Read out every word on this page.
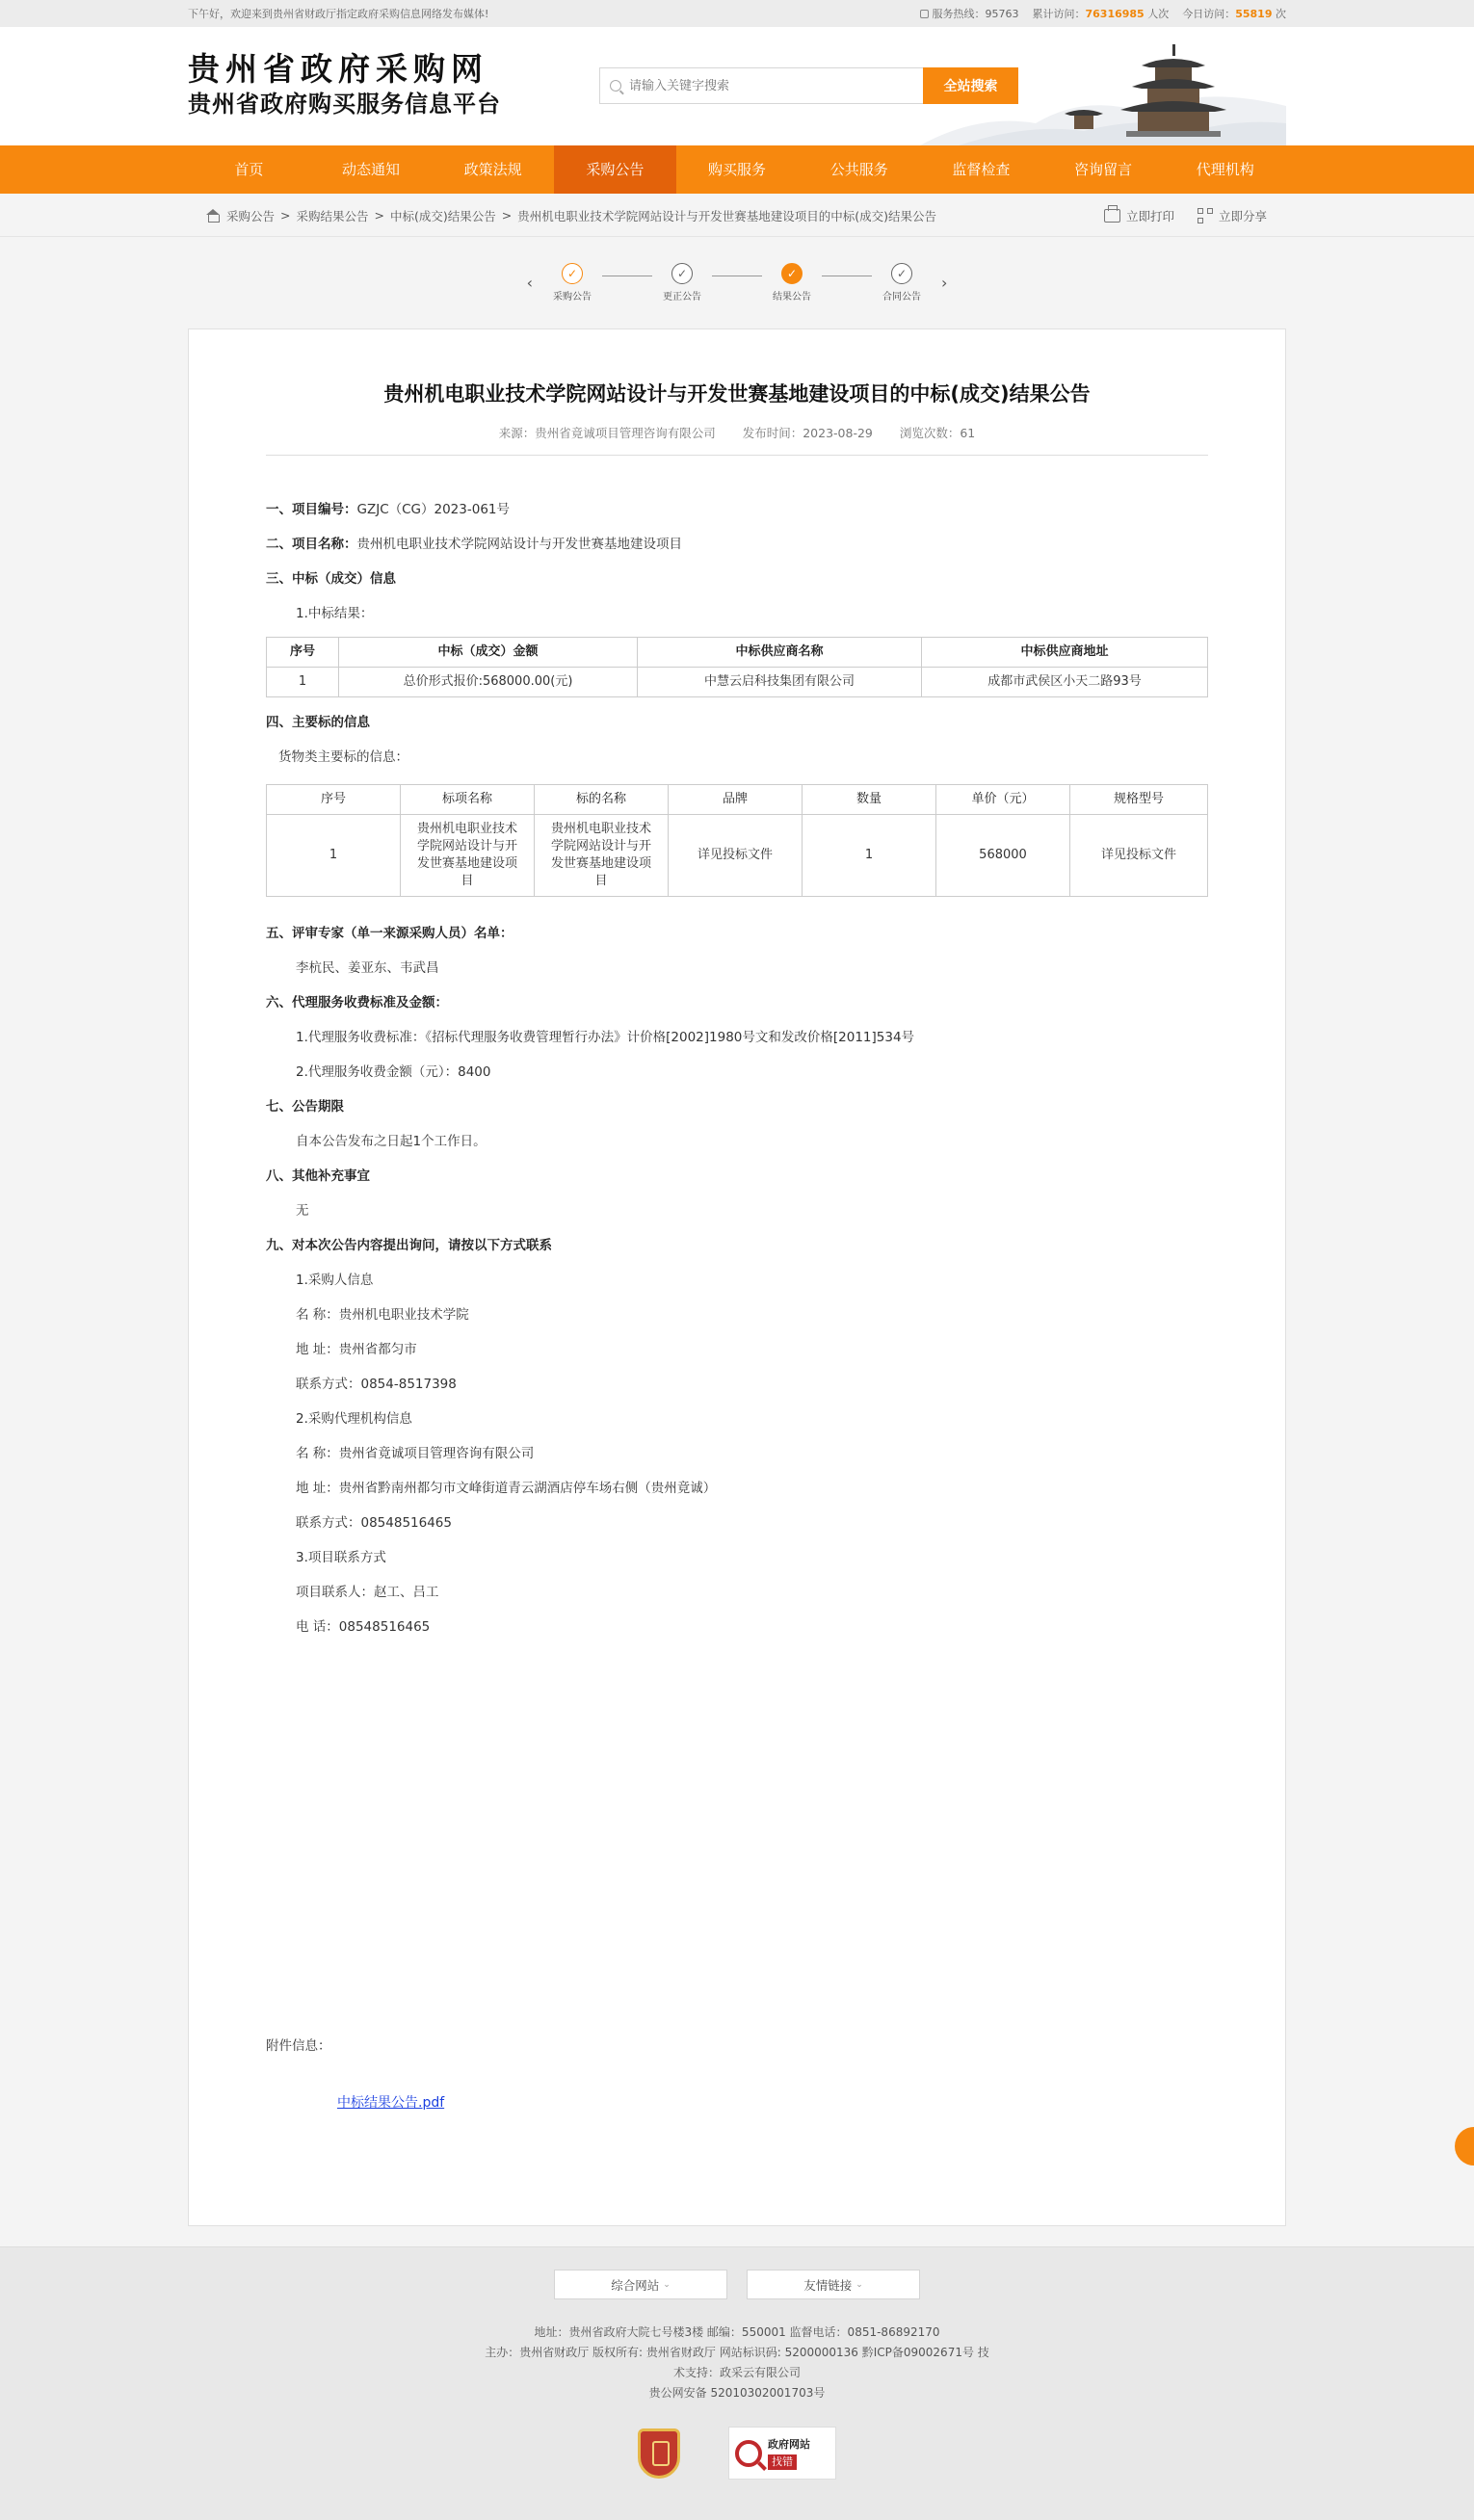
下午好，欢迎来到贵州省财政厅指定政府采购信息网络发布媒体!	服务热线：95763 累计访问：76316985 人次 今日访问：55819 次
贵州省政府采购网
贵州省政府购买服务信息平台
请输入关键字搜索
全站搜索
首页	动态通知	政策法规	采购公告	购买服务	公共服务	监督检查	咨询留言	代理机构
采购公告 > 采购结果公告 > 中标(成交)结果公告 > 贵州机电职业技术学院网站设计与开发世赛基地建设项目的中标(成交)结果公告	立即打印	立即分享
‹	✓
采购公告
✓
更正公告
✓
结果公告
✓
合同公告
›
贵州机电职业技术学院网站设计与开发世赛基地建设项目的中标(成交)结果公告
来源：贵州省竟诚项目管理咨询有限公司 发布时间：2023-08-29 浏览次数：61
一、项目编号：GZJC（CG）2023-061号
二、项目名称：贵州机电职业技术学院网站设计与开发世赛基地建设项目
三、中标（成交）信息
1.中标结果：
序号	中标（成交）金额	中标供应商名称	中标供应商地址
1	总价形式报价:568000.00(元)	中慧云启科技集团有限公司	成都市武侯区小天二路93号
四、主要标的信息
货物类主要标的信息：
序号	标项名称	标的名称	品牌	数量	单价（元）	规格型号
1	贵州机电职业技术学院网站设计与开发世赛基地建设项目	贵州机电职业技术学院网站设计与开发世赛基地建设项目	详见投标文件	1	568000	详见投标文件
五、评审专家（单一来源采购人员）名单：
李杭民、姜亚东、韦武昌
六、代理服务收费标准及金额：
1.代理服务收费标准：《招标代理服务收费管理暂行办法》计价格[2002]1980号文和发改价格[2011]534号
2.代理服务收费金额（元）：8400
七、公告期限
自本公告发布之日起1个工作日。
八、其他补充事宜
无
九、对本次公告内容提出询问，请按以下方式联系
1.采购人信息
名 称：贵州机电职业技术学院
地 址：贵州省都匀市
联系方式：0854-8517398
2.采购代理机构信息
名 称：贵州省竟诚项目管理咨询有限公司
地 址：贵州省黔南州都匀市文峰街道青云湖酒店停车场右侧（贵州竟诚）
联系方式：08548516465
3.项目联系方式
项目联系人：赵工、吕工
电 话：08548516465
附件信息：
中标结果公告.pdf
综合网站 ⌄	友情链接 ⌄
地址：贵州省政府大院七号楼3楼 邮编：550001 监督电话：0851-86892170
主办：贵州省财政厅 版权所有: 贵州省财政厅 网站标识码: 5200000136 黔ICP备09002671号 技术支持：政采云有限公司
贵公网安备 52010302001703号
政府网站
找错
